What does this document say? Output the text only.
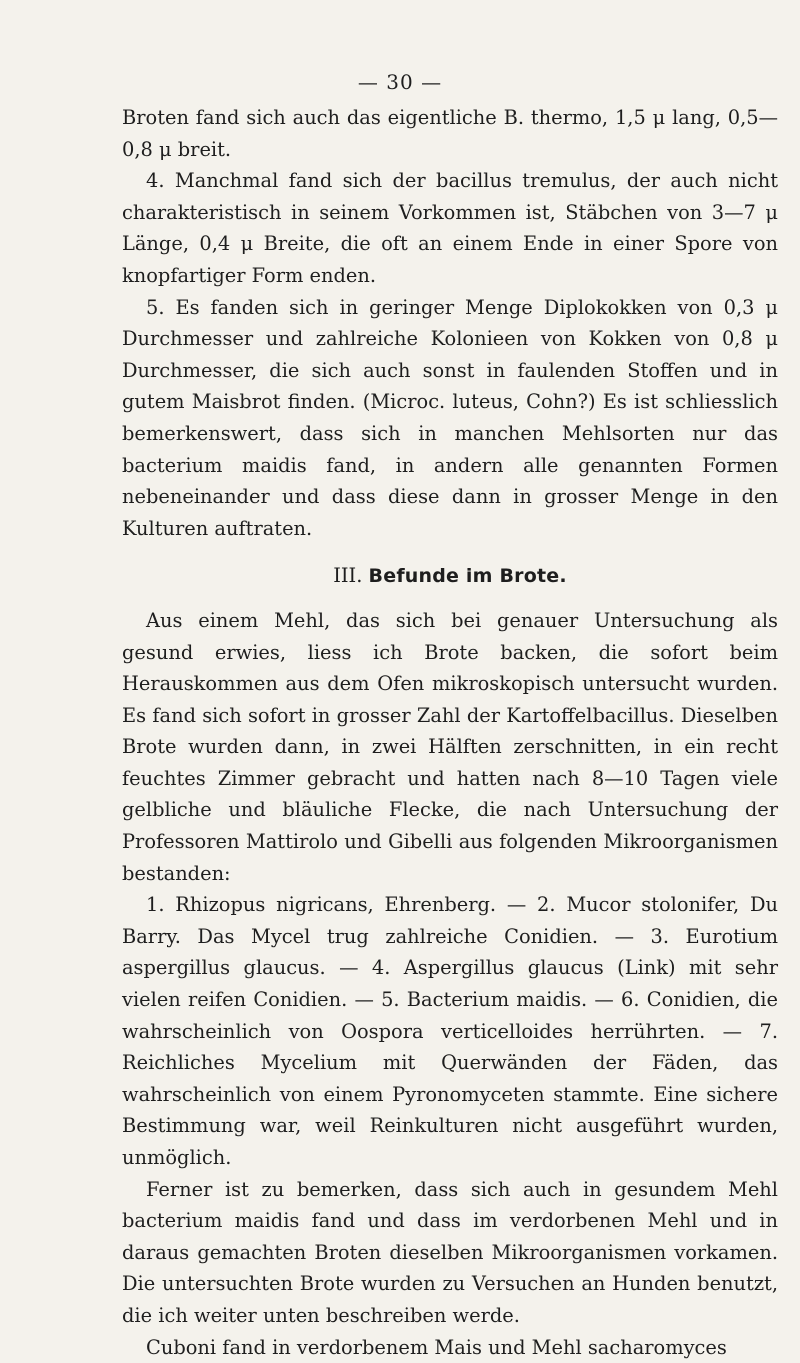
— 30 —

Broten fand sich auch das eigentliche B. thermo, 1,5 μ lang, 0,5—0,8 μ breit.

4. Manchmal fand sich der bacillus tremulus, der auch nicht charakteristisch in seinem Vorkommen ist, Stäbchen von 3—7 μ Länge, 0,4 μ Breite, die oft an einem Ende in einer Spore von knopfartiger Form enden.

5. Es fanden sich in geringer Menge Diplokokken von 0,3 μ Durchmesser und zahlreiche Kolonieen von Kokken von 0,8 μ Durchmesser, die sich auch sonst in faulenden Stoffen und in gutem Maisbrot finden. (Microc. luteus, Cohn?) Es ist schliesslich bemerkenswert, dass sich in manchen Mehlsorten nur das bacterium maidis fand, in andern alle genannten Formen nebeneinander und dass diese dann in grosser Menge in den Kulturen auftraten.

III. Befunde im Brote.

Aus einem Mehl, das sich bei genauer Untersuchung als gesund erwies, liess ich Brote backen, die sofort beim Herauskommen aus dem Ofen mikroskopisch untersucht wurden. Es fand sich sofort in grosser Zahl der Kartoffelbacillus. Dieselben Brote wurden dann, in zwei Hälften zerschnitten, in ein recht feuchtes Zimmer gebracht und hatten nach 8—10 Tagen viele gelbliche und bläuliche Flecke, die nach Untersuchung der Professoren Mattirolo und Gibelli aus folgenden Mikroorganismen bestanden:

1. Rhizopus nigricans, Ehrenberg. — 2. Mucor stolonifer, Du Barry. Das Mycel trug zahlreiche Conidien. — 3. Eurotium aspergillus glaucus. — 4. Aspergillus glaucus (Link) mit sehr vielen reifen Conidien. — 5. Bacterium maidis. — 6. Conidien, die wahrscheinlich von Oospora verticelloides herrührten. — 7. Reichliches Mycelium mit Querwänden der Fäden, das wahrscheinlich von einem Pyronomyceten stammte. Eine sichere Bestimmung war, weil Reinkulturen nicht ausgeführt wurden, unmöglich.

Ferner ist zu bemerken, dass sich auch in gesundem Mehl bacterium maidis fand und dass im verdorbenen Mehl und in daraus gemachten Broten dieselben Mikroorganismen vorkamen. Die untersuchten Brote wurden zu Versuchen an Hunden benutzt, die ich weiter unten beschreiben werde.

Cuboni fand in verdorbenem Mais und Mehl sacharomyces
